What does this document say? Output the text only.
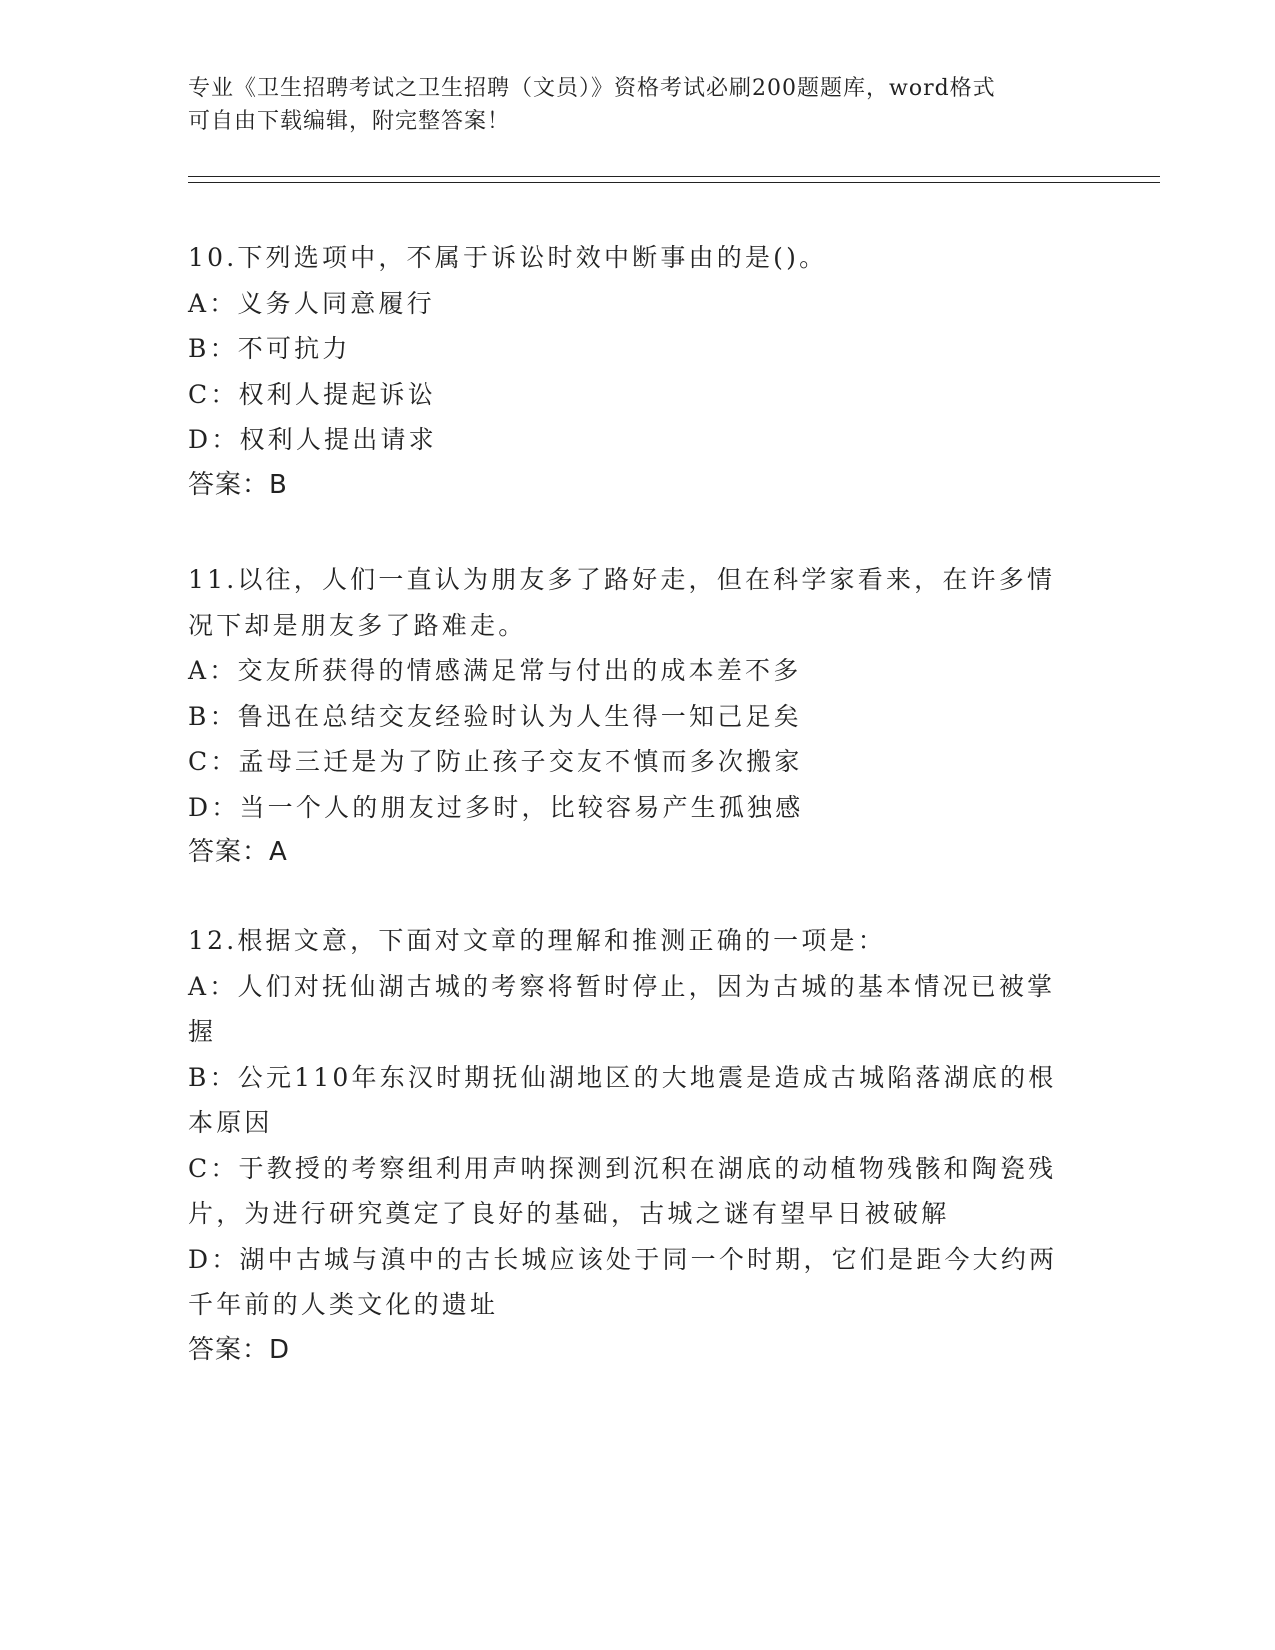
专业《卫生招聘考试之卫生招聘（文员）》资格考试必刷200题题库，word格式
可自由下载编辑，附完整答案！
10.下列选项中，不属于诉讼时效中断事由的是()。
A：义务人同意履行
B：不可抗力
C：权利人提起诉讼
D：权利人提出请求
答案：B
11.以往，人们一直认为朋友多了路好走，但在科学家看来，在许多情况下却是朋友多了路难走。
A：交友所获得的情感满足常与付出的成本差不多
B：鲁迅在总结交友经验时认为人生得一知己足矣
C：孟母三迁是为了防止孩子交友不慎而多次搬家
D：当一个人的朋友过多时，比较容易产生孤独感
答案：A
12.根据文意，下面对文章的理解和推测正确的一项是：
A：人们对抚仙湖古城的考察将暂时停止，因为古城的基本情况已被掌握
B：公元110年东汉时期抚仙湖地区的大地震是造成古城陷落湖底的根本原因
C：于教授的考察组利用声呐探测到沉积在湖底的动植物残骸和陶瓷残片，为进行研究奠定了良好的基础，古城之谜有望早日被破解
D：湖中古城与滇中的古长城应该处于同一个时期，它们是距今大约两千年前的人类文化的遗址
答案：D
